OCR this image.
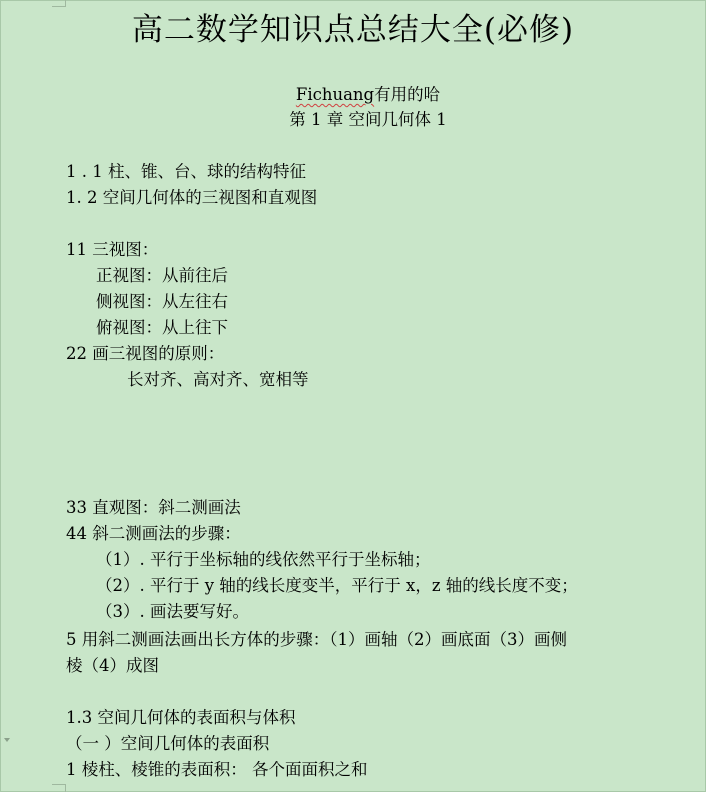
高二数学知识点总结大全(必修)
Fichuang有用的哈
第 1 章 空间几何体 1
1 . 1 柱、锥、台、球的结构特征
1. 2 空间几何体的三视图和直观图
11 三视图：
正视图：从前往后
侧视图：从左往右
俯视图：从上往下
22 画三视图的原则：
长对齐、高对齐、宽相等
33 直观图：斜二测画法
44 斜二测画法的步骤：
（1）. 平行于坐标轴的线依然平行于坐标轴；
（2）. 平行于 y 轴的线长度变半，平行于 x，z 轴的线长度不变；
（3）. 画法要写好。
5 用斜二测画法画出长方体的步骤：（1）画轴（2）画底面（3）画侧
棱（4）成图
1.3 空间几何体的表面积与体积
（一 ）空间几何体的表面积
1 棱柱、棱锥的表面积： 各个面面积之和
